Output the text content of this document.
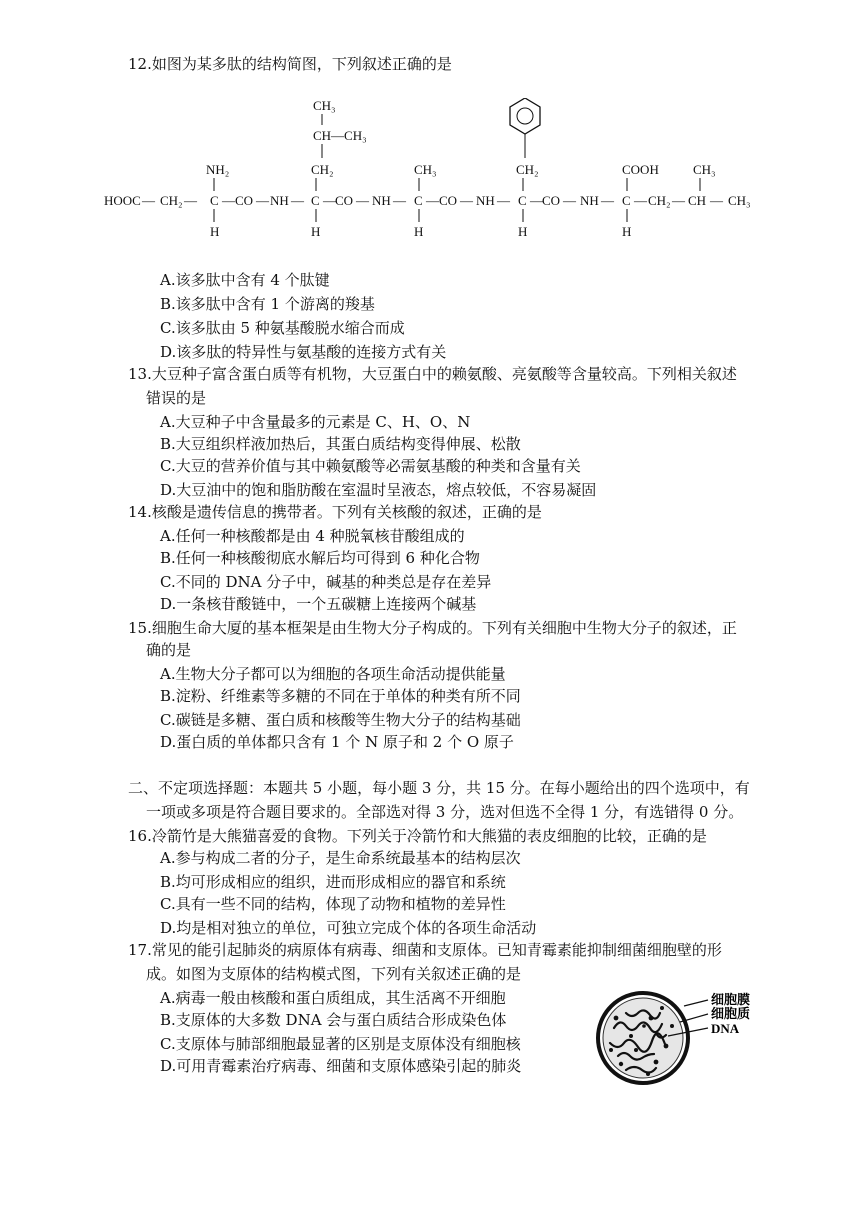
12.如图为某多肽的结构简图，下列叙述正确的是
HOOC — CH₂ — C — CO — NH — C — CO — NH — C — CO — NH — C — CO — NH — C — CH₂ — CH — CH₃
NH₂
H
CH₃
CH—CH₃
CH₂
H
CH₃
H
CH₂
H
COOH
H
CH₃
A.该多肽中含有 4 个肽键
B.该多肽中含有 1 个游离的羧基
C.该多肽由 5 种氨基酸脱水缩合而成
D.该多肽的特异性与氨基酸的连接方式有关
13.大豆种子富含蛋白质等有机物，大豆蛋白中的赖氨酸、亮氨酸等含量较高。下列相关叙述
错误的是
A.大豆种子中含量最多的元素是 C、H、O、N
B.大豆组织样液加热后，其蛋白质结构变得伸展、松散
C.大豆的营养价值与其中赖氨酸等必需氨基酸的种类和含量有关
D.大豆油中的饱和脂肪酸在室温时呈液态，熔点较低，不容易凝固
14.核酸是遗传信息的携带者。下列有关核酸的叙述，正确的是
A.任何一种核酸都是由 4 种脱氧核苷酸组成的
B.任何一种核酸彻底水解后均可得到 6 种化合物
C.不同的 DNA 分子中，碱基的种类总是存在差异
D.一条核苷酸链中，一个五碳糖上连接两个碱基
15.细胞生命大厦的基本框架是由生物大分子构成的。下列有关细胞中生物大分子的叙述，正
确的是
A.生物大分子都可以为细胞的各项生命活动提供能量
B.淀粉、纤维素等多糖的不同在于单体的种类有所不同
C.碳链是多糖、蛋白质和核酸等生物大分子的结构基础
D.蛋白质的单体都只含有 1 个 N 原子和 2 个 O 原子
二、不定项选择题：本题共 5 小题，每小题 3 分，共 15 分。在每小题给出的四个选项中，有
一项或多项是符合题目要求的。全部选对得 3 分，选对但选不全得 1 分，有选错得 0 分。
16.冷箭竹是大熊猫喜爱的食物。下列关于冷箭竹和大熊猫的表皮细胞的比较，正确的是
A.参与构成二者的分子，是生命系统最基本的结构层次
B.均可形成相应的组织，进而形成相应的器官和系统
C.具有一些不同的结构，体现了动物和植物的差异性
D.均是相对独立的单位，可独立完成个体的各项生命活动
17.常见的能引起肺炎的病原体有病毒、细菌和支原体。已知青霉素能抑制细菌细胞壁的形
成。如图为支原体的结构模式图，下列有关叙述正确的是
A.病毒一般由核酸和蛋白质组成，其生活离不开细胞
B.支原体的大多数 DNA 会与蛋白质结合形成染色体
C.支原体与肺部细胞最显著的区别是支原体没有细胞核
D.可用青霉素治疗病毒、细菌和支原体感染引起的肺炎
细胞膜
细胞质
DNA
